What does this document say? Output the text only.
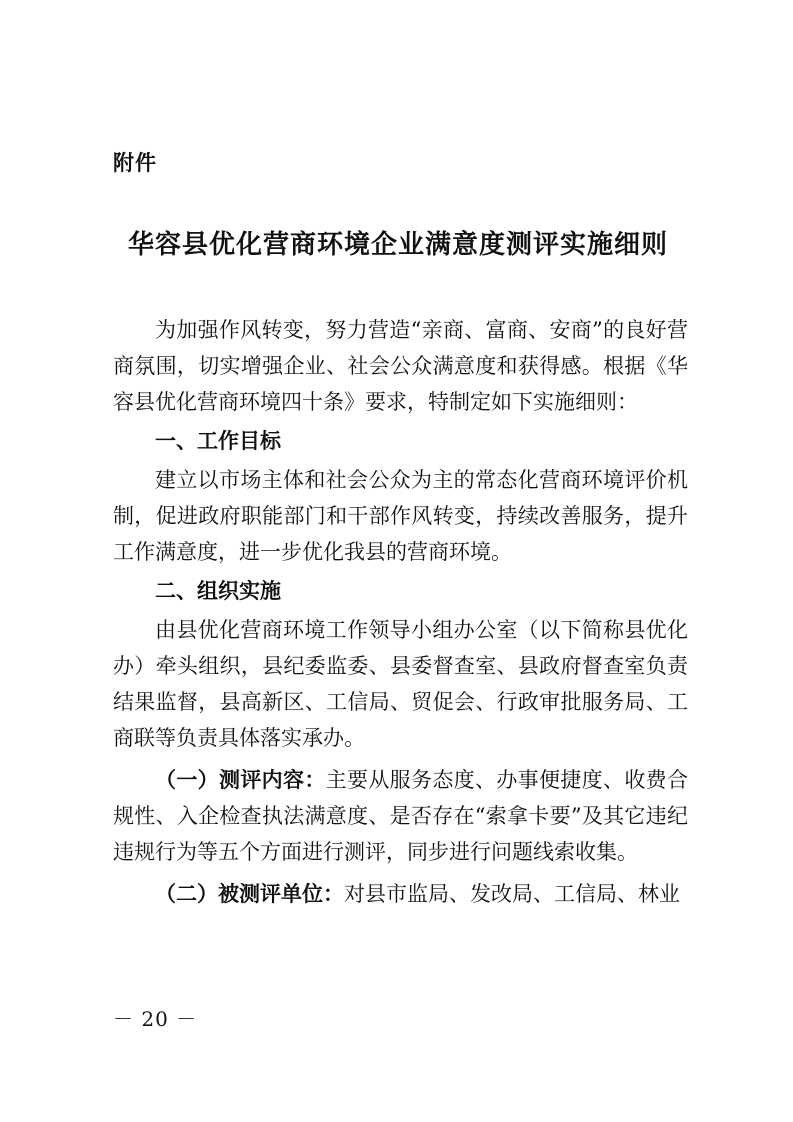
附件
华容县优化营商环境企业满意度测评实施细则

为加强作风转变，努力营造“亲商、富商、安商”的良好营商氛围，切实增强企业、社会公众满意度和获得感。根据《华容县优化营商环境四十条》要求，特制定如下实施细则：

一、工作目标

建立以市场主体和社会公众为主的常态化营商环境评价机制，促进政府职能部门和干部作风转变，持续改善服务，提升工作满意度，进一步优化我县的营商环境。

二、组织实施

由县优化营商环境工作领导小组办公室（以下简称县优化办）牵头组织，县纪委监委、县委督查室、县政府督查室负责结果监督，县高新区、工信局、贸促会、行政审批服务局、工商联等负责具体落实承办。

（一）测评内容：主要从服务态度、办事便捷度、收费合规性、入企检查执法满意度、是否存在“索拿卡要”及其它违纪违规行为等五个方面进行测评，同步进行问题线索收集。

（二）被测评单位：对县市监局、发改局、工信局、林业

－ 20 －
